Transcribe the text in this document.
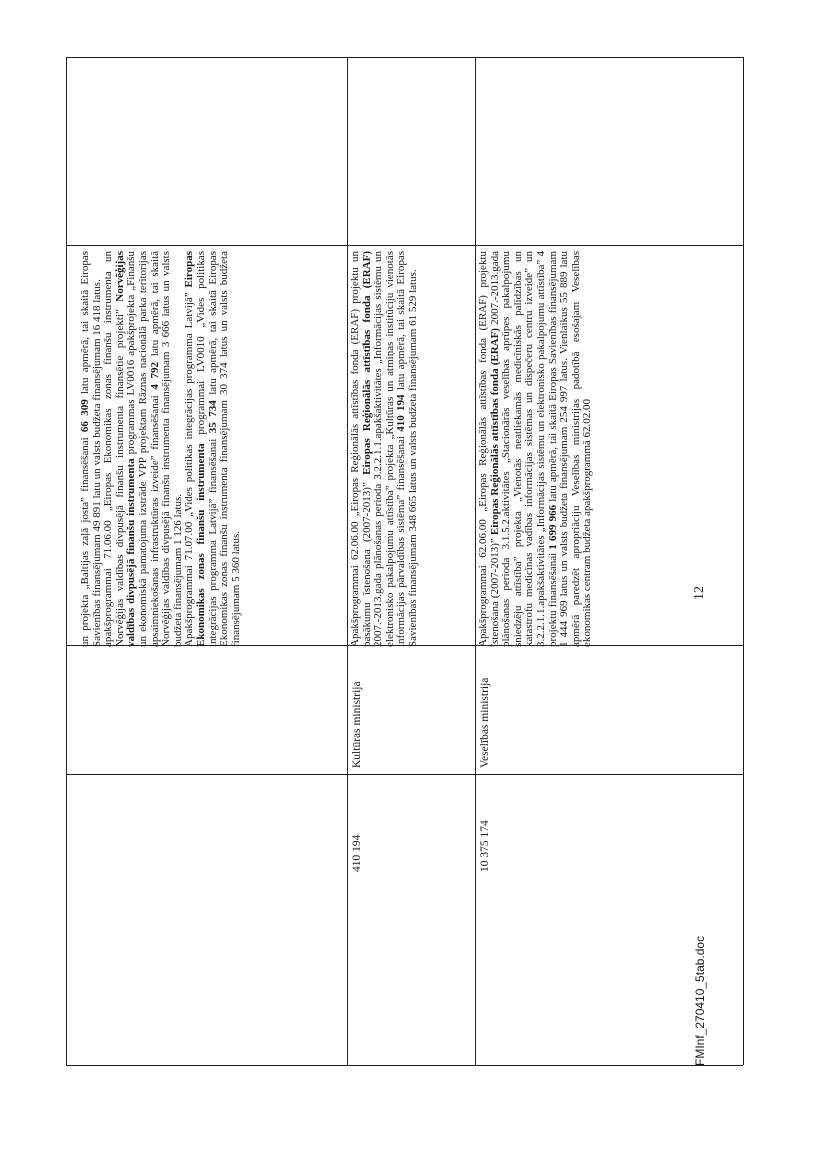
un projekta „Baltijas zaļā josta” finansēšanai 66 309 latu apmērā, tai skaitā Eiropas Savienības finansējumam 49 891 latu un valsts budžeta finansējumam 16 418 latus. apakšprogrammai 71.06.00 „Eiropas Ekonomikas zonas finanšu instrumenta un Norvēģijas valdības divpusējā finanšu instrumenta finansētie projekti” Norvēģijas valdības divpusējā finanšu instrumenta programmas LV0016 apakšprojekta „Finanšu un ekonomiskā pamatojuma izstrāde VPP projektam Rāznas nacionālā parka teritorijas apsaimniekošanas infrastruktūras izveide” finansēšanai 4 792 latu apmērā, tai skaitā Norvēģijas valdības divpusējā finanšu instrumenta finansējumam 3 666 latus un valsts budžeta finansējumam 1 126 latus. Apakšprogrammai 71.07.00 „Vides politikas integrācijas programma Latvijā” Eiropas Ekonomikas zonas finanšu instrumenta programmai LV0010 „Vides politikas integrācijas programma Latvijā” finansēšanai 35 734 latu apmērā, tai skaitā Eiropas Ekonomikas zonas finanšu instrumenta finansējumam 30 374 latus un valsts budžeta finansējumam 5 360 latus.

410 194
Kultūras ministrija

Apakšprogrammai 62.06.00 „Eiropas Reģionālās attīstības fonda (ERAF) projektu un pasākumu īstenošana (2007-2013)” Eiropas Reģionālās attīstības fonda (ERAF) 2007.-2013.gada plānošanas perioda 3.2.2.1.1.apakšaktivitātes „Informācijas sistēmu un elektronisko pakalpojumu attīstība” projekta „Kultūras un atmiņas institūciju vienotās informācijas pārvaldības sistēma” finansēšanai 410 194 latu apmērā, tai skaitā Eiropas Savienības finansējumam 348 665 latus un valsts budžeta finansējumam 61 529 latus.

10 375 174
Veselības ministrija

Apakšprogrammai 62.06.00 „Eiropas Reģionālās attīstības fonda (ERAF) projektu īstenošana (2007-2013)” Eiropas Reģionālās attīstības fonda (ERAF) 2007.-2013.gada plānošanas perioda 3.1.5.2.aktivitātes „Stacionārās veselības aprūpes pakalpojumu sniedzēju attīstība” projekta „Vienotās neatliekamās medicīniskās palīdzības un katastrofu medicīnas vadības informācijas sistēmas un dispečeru centru izveide” un 3.2.2.1.1.apakšaktivitātes „Informācijas sistēmu un elektronisko pakalpojumu attīstība” 4 projektu finansēšanai 1 699 966 latu apmērā, tai skaitā Eiropas Savienības finansējumam 1 444 969 latus un valsts budžeta finansējumam 254 997 latus. Vienlaikus 55 889 latu apmērā paredzēt apropriāciju Veselības ministrijas padotībā esošajam Veselības ekonomikas centram budžeta apakšprogrammā 62.02.00

FMInf_270410_5tab.doc
12
